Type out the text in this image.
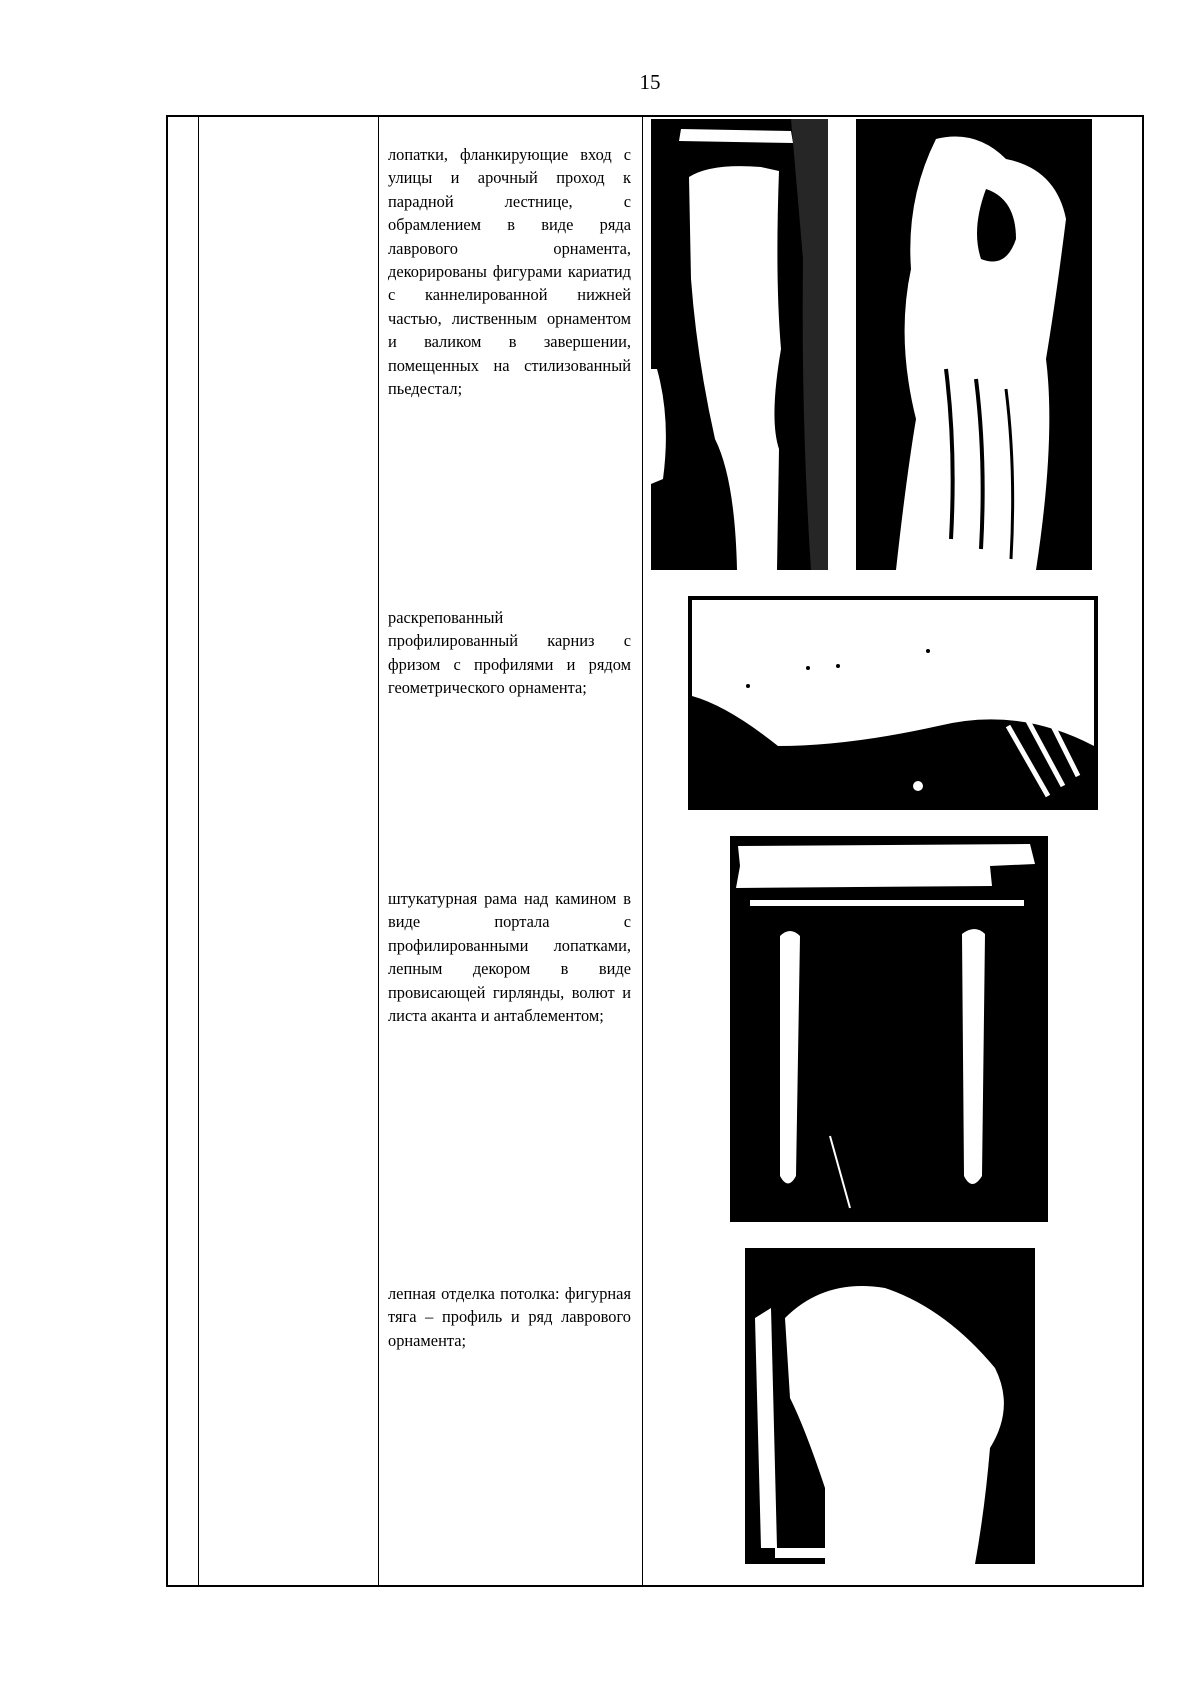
15
лопатки, фланкирующие вход с улицы и арочный проход к парадной лестнице, с обрамлением в виде ряда лаврового орнамента, декорированы фигурами кариатид с каннелированной нижней частью, лиственным орнаментом и валиком в завершении, помещенных на стилизованный пьедестал;
раскрепованный профилированный карниз с фризом с профилями и рядом геометрического орнамента;
штукатурная рама над камином в виде портала с профилированными лопатками, лепным декором в виде провисающей гирлянды, волют и листа аканта и антаблементом;
лепная отделка потолка: фигурная тяга – профиль и ряд лаврового орнамента;
